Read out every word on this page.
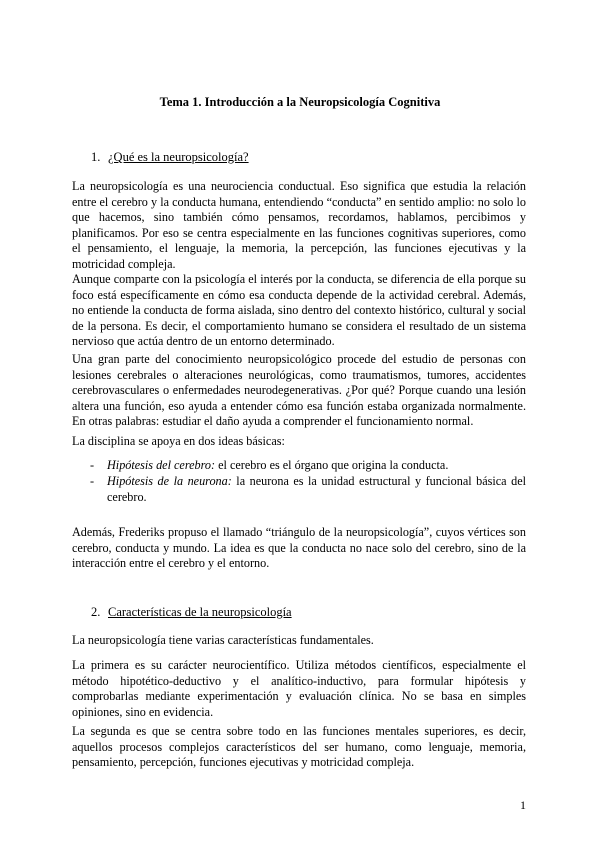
Tema 1. Introducción a la Neuropsicología Cognitiva
1. ¿Qué es la neuropsicología?

La neuropsicología es una neurociencia conductual. Eso significa que estudia la relación entre el cerebro y la conducta humana, entendiendo “conducta” en sentido amplio: no solo lo que hacemos, sino también cómo pensamos, recordamos, hablamos, percibimos y planificamos. Por eso se centra especialmente en las funciones cognitivas superiores, como el pensamiento, el lenguaje, la memoria, la percepción, las funciones ejecutivas y la motricidad compleja.

Aunque comparte con la psicología el interés por la conducta, se diferencia de ella porque su foco está específicamente en cómo esa conducta depende de la actividad cerebral. Además, no entiende la conducta de forma aislada, sino dentro del contexto histórico, cultural y social de la persona. Es decir, el comportamiento humano se considera el resultado de un sistema nervioso que actúa dentro de un entorno determinado.

Una gran parte del conocimiento neuropsicológico procede del estudio de personas con lesiones cerebrales o alteraciones neurológicas, como traumatismos, tumores, accidentes cerebrovasculares o enfermedades neurodegenerativas. ¿Por qué? Porque cuando una lesión altera una función, eso ayuda a entender cómo esa función estaba organizada normalmente. En otras palabras: estudiar el daño ayuda a comprender el funcionamiento normal.

La disciplina se apoya en dos ideas básicas:

- Hipótesis del cerebro: el cerebro es el órgano que origina la conducta.
- Hipótesis de la neurona: la neurona es la unidad estructural y funcional básica del cerebro.

Además, Frederiks propuso el llamado “triángulo de la neuropsicología”, cuyos vértices son cerebro, conducta y mundo. La idea es que la conducta no nace solo del cerebro, sino de la interacción entre el cerebro y el entorno.

2. Características de la neuropsicología

La neuropsicología tiene varias características fundamentales.

La primera es su carácter neurocientífico. Utiliza métodos científicos, especialmente el método hipotético-deductivo y el analítico-inductivo, para formular hipótesis y comprobarlas mediante experimentación y evaluación clínica. No se basa en simples opiniones, sino en evidencia.

La segunda es que se centra sobre todo en las funciones mentales superiores, es decir, aquellos procesos complejos característicos del ser humano, como lenguaje, memoria, pensamiento, percepción, funciones ejecutivas y motricidad compleja.

1
